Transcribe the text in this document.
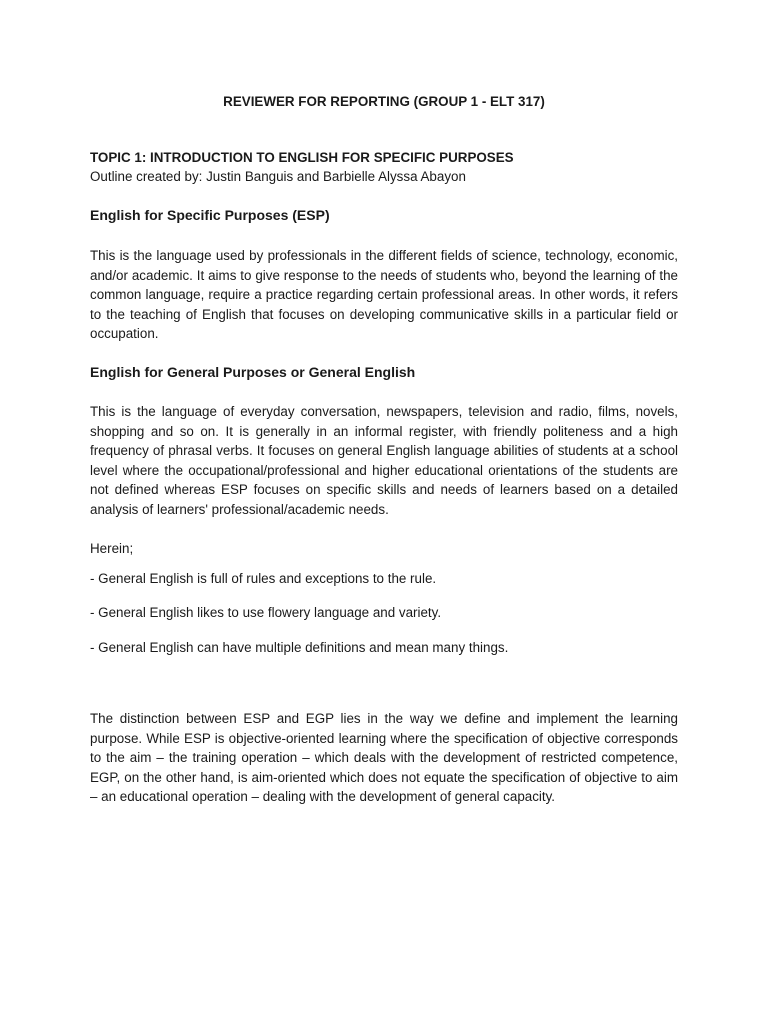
REVIEWER FOR REPORTING (GROUP 1 - ELT 317)

TOPIC 1: INTRODUCTION TO ENGLISH FOR SPECIFIC PURPOSES

Outline created by: Justin Banguis and Barbielle Alyssa Abayon

English for Specific Purposes (ESP)

This is the language used by professionals in the different fields of science, technology, economic, and/or academic. It aims to give response to the needs of students who, beyond the learning of the common language, require a practice regarding certain professional areas. In other words, it refers to the teaching of English that focuses on developing communicative skills in a particular field or occupation.

English for General Purposes or General English

This is the language of everyday conversation, newspapers, television and radio, films, novels, shopping and so on. It is generally in an informal register, with friendly politeness and a high frequency of phrasal verbs. It focuses on general English language abilities of students at a school level where the occupational/professional and higher educational orientations of the students are not defined whereas ESP focuses on specific skills and needs of learners based on a detailed analysis of learners' professional/academic needs.

Herein;

- General English is full of rules and exceptions to the rule.

- General English likes to use flowery language and variety.

- General English can have multiple definitions and mean many things.

The distinction between ESP and EGP lies in the way we define and implement the learning purpose. While ESP is objective-oriented learning where the specification of objective corresponds to the aim – the training operation – which deals with the development of restricted competence, EGP, on the other hand, is aim-oriented which does not equate the specification of objective to aim – an educational operation – dealing with the development of general capacity.
